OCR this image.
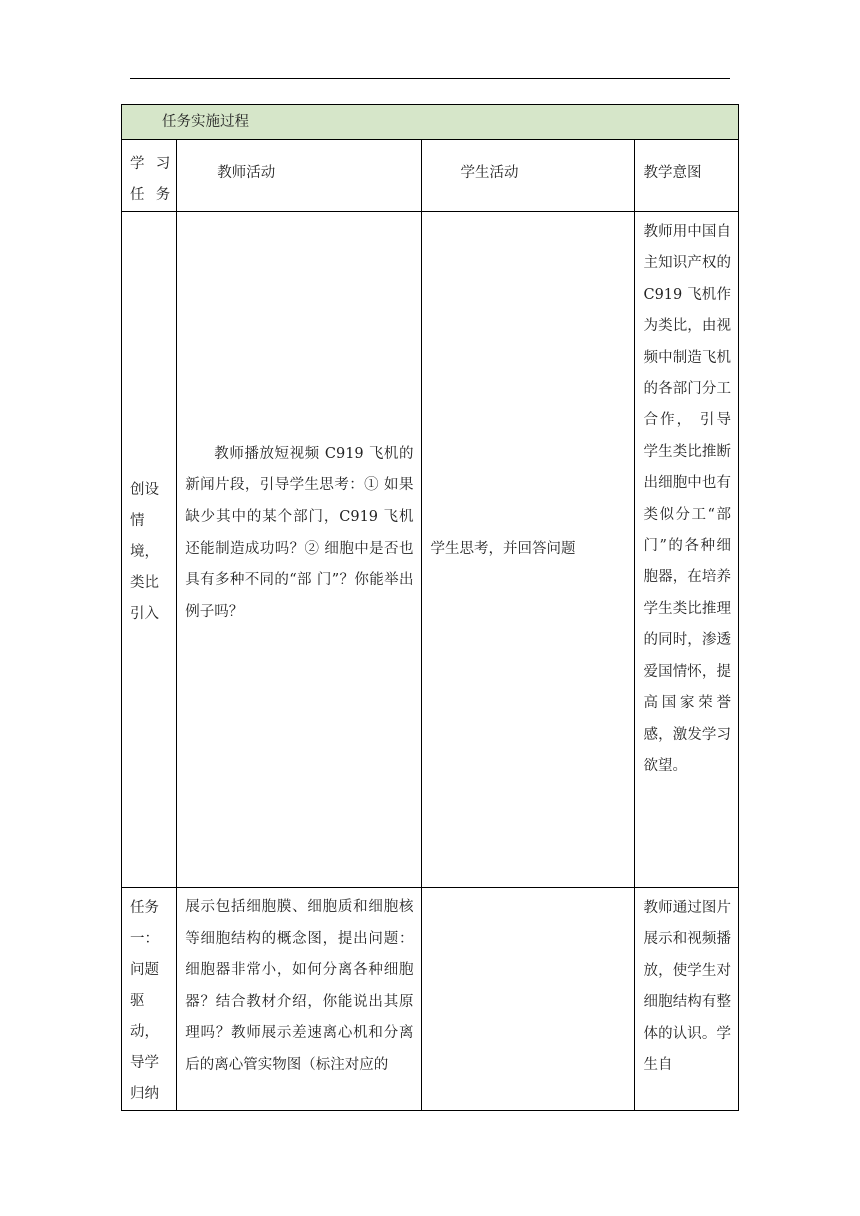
任务实施过程			

学 习 任务	教师活动	学生活动	教学意图

创设情境，类比引入	教师播放短视频 C919 飞机的新闻片段，引导学生思考：① 如果缺少其中的某个部门，C919 飞机还能制造成功吗？② 细胞中是否也具有多种不同的“部 门”？你能举出例子吗？	学生思考，并回答问题	教师用中国自主知识产权的 C919 飞机作为类比，由视频中制造飞机的各部门分工合作， 引导学生类比推断出细胞中也有类似分工“部门”的各种细胞器，在培养学生类比推理的同时，渗透爱国情怀，提高国家荣誉感，激发学习欲望。

任务一：问题驱动，导学归纳	展示包括细胞膜、细胞质和细胞核等细胞结构的概念图，提出问题：细胞器非常小，如何分离各种细胞器？结合教材介绍，你能说出其原理吗？教师展示差速离心机和分离后的离心管实物图（标注对应的		教师通过图片展示和视频播放，使学生对细胞结构有整体的认识。学生自
